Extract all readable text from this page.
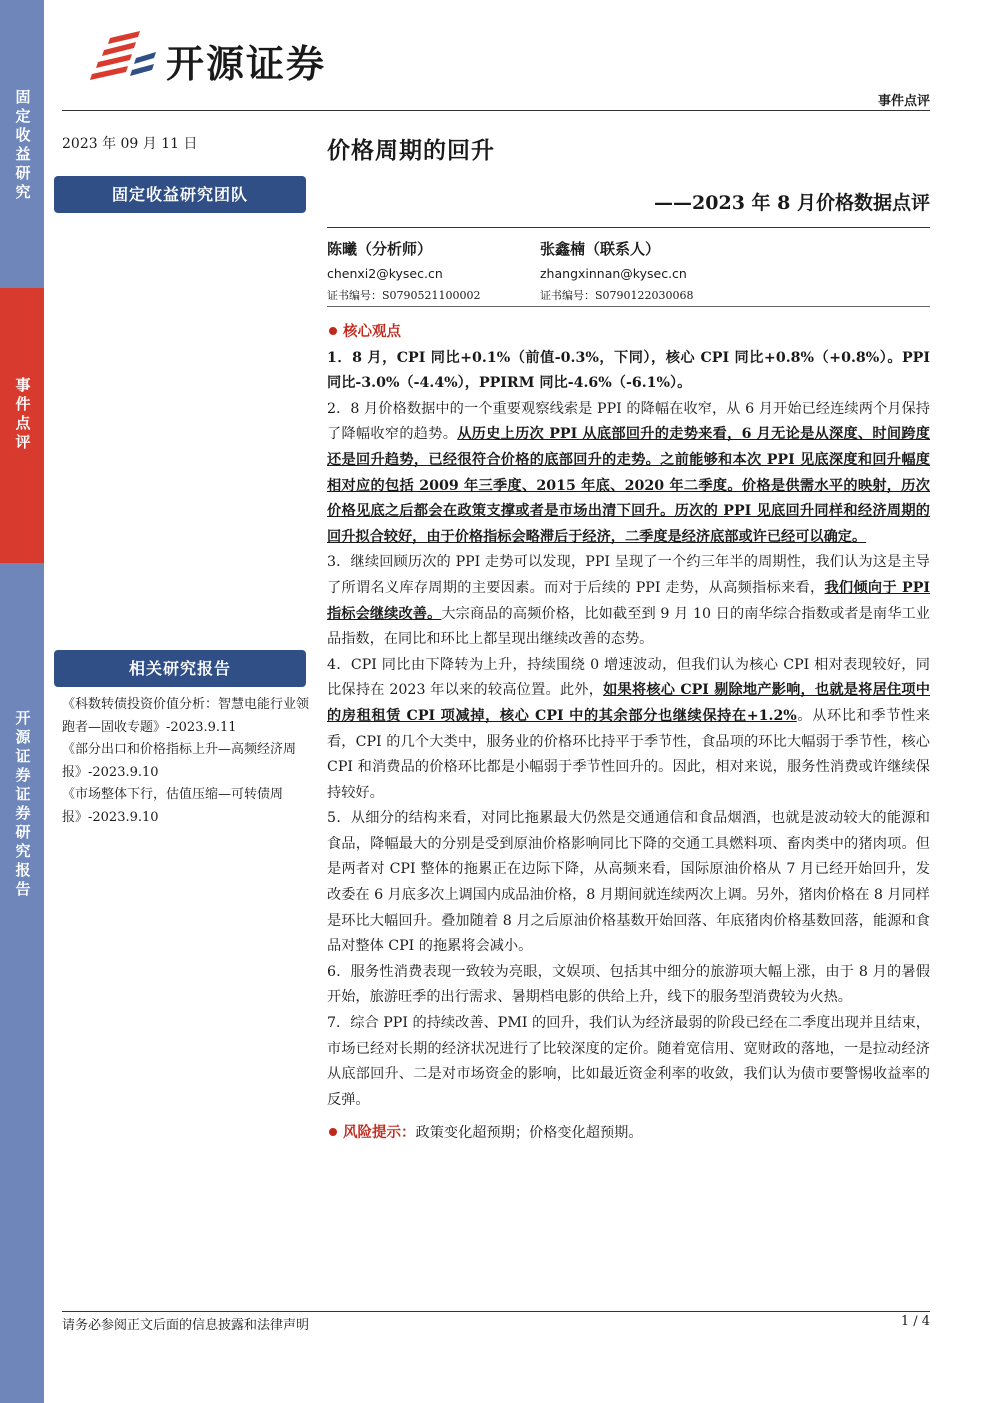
固定收益研究
事件点评
开源证券证券研究报告
开源证券
事件点评
2023 年 09 月 11 日
固定收益研究团队
相关研究报告
《科数转债投资价值分析：智慧电能行业领跑者—固收专题》-2023.9.11
《部分出口和价格指标上升—高频经济周报》-2023.9.10
《市场整体下行，估值压缩—可转债周报》-2023.9.10
价格周期的回升
——2023 年 8 月价格数据点评
陈曦（分析师）
chenxi2@kysec.cn
证书编号：S0790521100002
张鑫楠（联系人）
zhangxinnan@kysec.cn
证书编号：S0790122030068
核心观点

1．8 月，CPI 同比+0.1%（前值-0.3%，下同），核心 CPI 同比+0.8%（+0.8%）。PPI 同比-3.0%（-4.4%），PPIRM 同比-4.6%（-6.1%）。

2．8 月价格数据中的一个重要观察线索是 PPI 的降幅在收窄，从 6 月开始已经连续两个月保持了降幅收窄的趋势。从历史上历次 PPI 从底部回升的走势来看，6 月无论是从深度、时间跨度还是回升趋势，已经很符合价格的底部回升的走势。之前能够和本次 PPI 见底深度和回升幅度相对应的包括 2009 年三季度、2015 年底、2020 年二季度。价格是供需水平的映射，历次价格见底之后都会在政策支撑或者是市场出清下回升。历次的 PPI 见底回升同样和经济周期的回升拟合较好，由于价格指标会略滞后于经济，二季度是经济底部或许已经可以确定。

3．继续回顾历次的 PPI 走势可以发现，PPI 呈现了一个约三年半的周期性，我们认为这是主导了所谓名义库存周期的主要因素。而对于后续的 PPI 走势，从高频指标来看，我们倾向于 PPI 指标会继续改善。大宗商品的高频价格，比如截至到 9 月 10 日的南华综合指数或者是南华工业品指数，在同比和环比上都呈现出继续改善的态势。

4．CPI 同比由下降转为上升，持续围绕 0 增速波动，但我们认为核心 CPI 相对表现较好，同比保持在 2023 年以来的较高位置。此外，如果将核心 CPI 剔除地产影响，也就是将居住项中的房租租赁 CPI 项减掉，核心 CPI 中的其余部分也继续保持在+1.2%。从环比和季节性来看，CPI 的几个大类中，服务业的价格环比持平于季节性，食品项的环比大幅弱于季节性，核心 CPI 和消费品的价格环比都是小幅弱于季节性回升的。因此，相对来说，服务性消费或许继续保持较好。

5．从细分的结构来看，对同比拖累最大仍然是交通通信和食品烟酒，也就是波动较大的能源和食品，降幅最大的分别是受到原油价格影响同比下降的交通工具燃料项、畜肉类中的猪肉项。但是两者对 CPI 整体的拖累正在边际下降，从高频来看，国际原油价格从 7 月已经开始回升，发改委在 6 月底多次上调国内成品油价格，8 月期间就连续两次上调。另外，猪肉价格在 8 月同样是环比大幅回升。叠加随着 8 月之后原油价格基数开始回落、年底猪肉价格基数回落，能源和食品对整体 CPI 的拖累将会减小。

6．服务性消费表现一致较为亮眼，文娱项、包括其中细分的旅游项大幅上涨，由于 8 月的暑假开始，旅游旺季的出行需求、暑期档电影的供给上升，线下的服务型消费较为火热。

7．综合 PPI 的持续改善、PMI 的回升，我们认为经济最弱的阶段已经在二季度出现并且结束，市场已经对长期的经济状况进行了比较深度的定价。随着宽信用、宽财政的落地，一是拉动经济从底部回升、二是对市场资金的影响，比如最近资金利率的收敛，我们认为债市要警惕收益率的反弹。

风险提示：政策变化超预期；价格变化超预期。
请务必参阅正文后面的信息披露和法律声明	1 / 4
